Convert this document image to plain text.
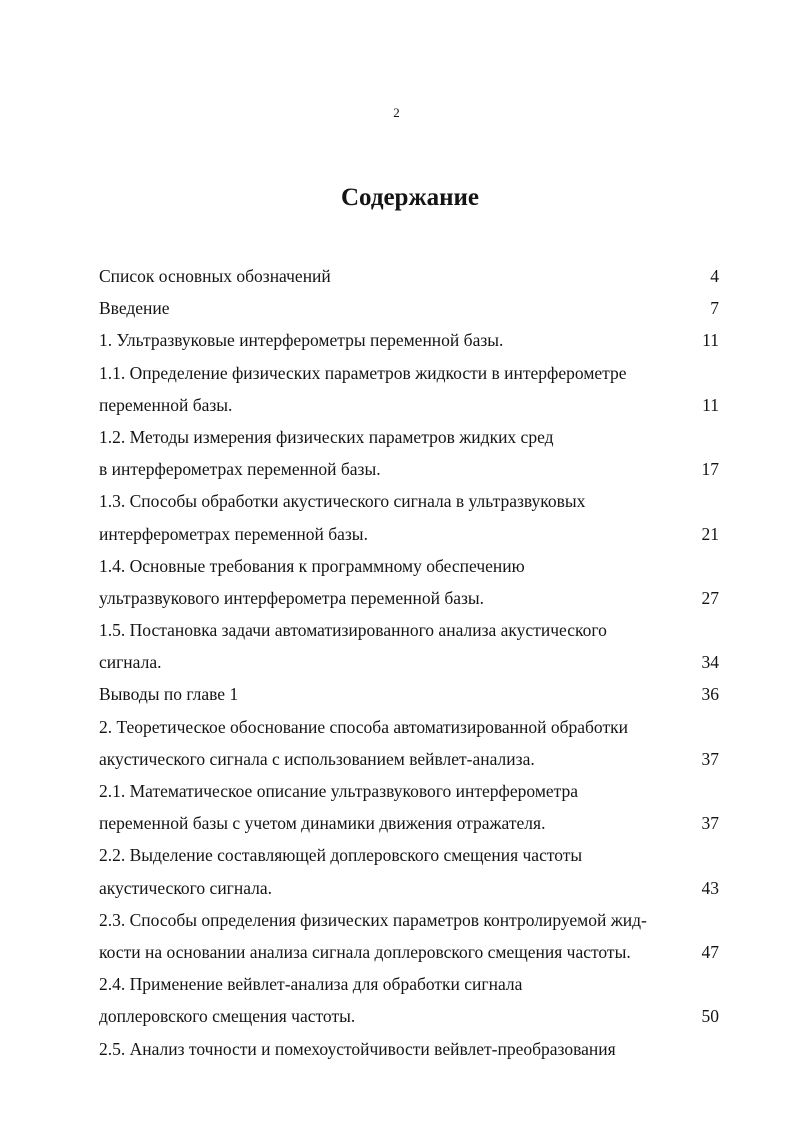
2
Содержание
Список основных обозначений	4
Введение	7
1. Ультразвуковые интерферометры переменной базы.	11
1.1. Определение физических параметров жидкости в интерферометре
переменной базы.	11
1.2. Методы измерения физических параметров жидких сред
в интерферометрах переменной базы.	17
1.3. Способы обработки акустического сигнала в ультразвуковых
интерферометрах переменной базы.	21
1.4. Основные требования к программному обеспечению
ультразвукового интерферометра переменной базы.	27
1.5. Постановка задачи автоматизированного анализа акустического
сигнала.	34
Выводы по главе 1	36
2. Теоретическое обоснование способа автоматизированной обработки
акустического сигнала с использованием вейвлет-анализа.	37
2.1. Математическое описание ультразвукового интерферометра
переменной базы с учетом динамики движения отражателя.	37
2.2. Выделение составляющей доплеровского смещения частоты
акустического сигнала.	43
2.3. Способы определения физических параметров контролируемой жид-
кости на основании анализа сигнала доплеровского смещения частоты.	47
2.4. Применение вейвлет-анализа для обработки сигнала
доплеровского смещения частоты.	50
2.5. Анализ точности и помехоустойчивости вейвлет-преобразования
